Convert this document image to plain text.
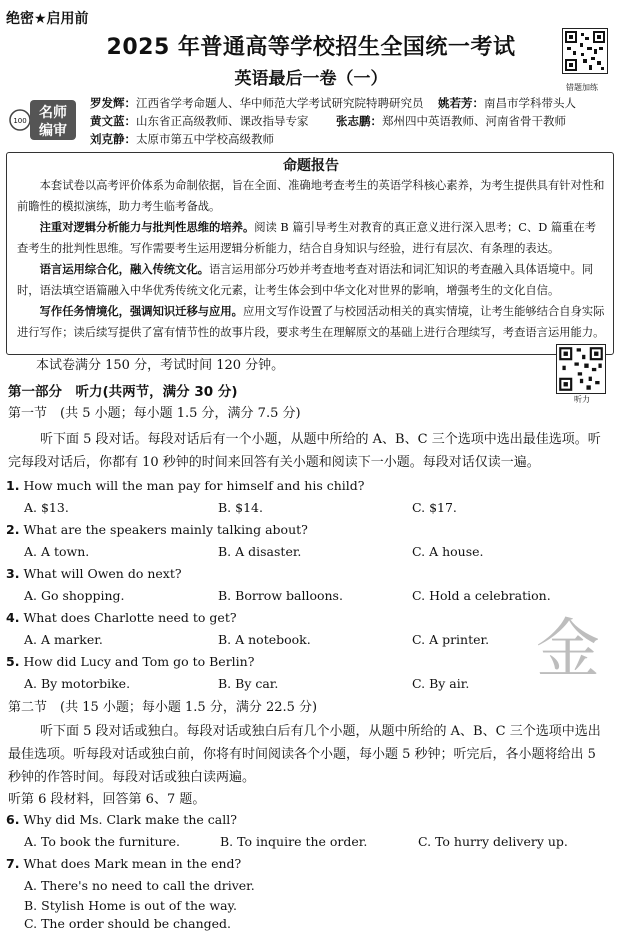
绝密★启用前
2025 年普通高等学校招生全国统一考试
英语最后一卷（一）	错题加练
100 名师
编审
罗发辉：江西省学考命题人、华中师范大学考试研究院特聘研究员 姚若芳：南昌市学科带头人
黄文蓝：山东省正高级教师、课改指导专家 张志鹏：郑州四中英语教师、河南省骨干教师
刘克静：太原市第五中学校高级教师
命题报告

本套试卷以高考评价体系为命制依据，旨在全面、准确地考查考生的英语学科核心素养，为考生提供具有针对性和前瞻性的模拟演练，助力考生临考备战。

注重对逻辑分析能力与批判性思维的培养。阅读 B 篇引导考生对教育的真正意义进行深入思考；C、D 篇重在考查考生的批判性思维。写作需要考生运用逻辑分析能力，结合自身知识与经验，进行有层次、有条理的表达。

语言运用综合化，融入传统文化。语言运用部分巧妙并考查地考查对语法和词汇知识的考查融入具体语境中。同时，语法填空语篇融入中华优秀传统文化元素，让考生体会到中华文化对世界的影响，增强考生的文化自信。

写作任务情境化，强调知识迁移与应用。应用文写作设置了与校园活动相关的真实情境，让考生能够结合自身实际进行写作；读后续写提供了富有情节性的故事片段，要求考生在理解原文的基础上进行合理续写，考查语言运用能力。

听力
本试卷满分 150 分，考试时间 120 分钟。
第一部分　听力(共两节，满分 30 分)
第一节　(共 5 小题；每小题 1.5 分，满分 7.5 分)
听下面 5 段对话。每段对话后有一个小题，从题中所给的 A、B、C 三个选项中选出最佳选项。听完每段对话后，你都有 10 秒钟的时间来回答有关小题和阅读下一小题。每段对话仅读一遍。
1. How much will the man pay for himself and his child?
A. $13.	B. $14.	C. $17.
2. What are the speakers mainly talking about?
A. A town.	B. A disaster.	C. A house.
3. What will Owen do next?
A. Go shopping.	B. Borrow balloons.	C. Hold a celebration.
4. What does Charlotte need to get?
A. A marker.	B. A notebook.	C. A printer.
5. How did Lucy and Tom go to Berlin?
A. By motorbike.	B. By car.	C. By air. 金
第二节　(共 15 小题；每小题 1.5 分，满分 22.5 分)
听下面 5 段对话或独白。每段对话或独白后有几个小题，从题中所给的 A、B、C 三个选项中选出最佳选项。听每段对话或独白前，你将有时间阅读各个小题，每小题 5 秒钟；听完后，各小题将给出 5 秒钟的作答时间。每段对话或独白读两遍。
听第 6 段材料，回答第 6、7 题。
6. Why did Ms. Clark make the call?
A. To book the furniture.	B. To inquire the order.	C. To hurry delivery up.
7. What does Mark mean in the end?
A. There's no need to call the driver.
B. Stylish Home is out of the way.
C. The order should be changed.
